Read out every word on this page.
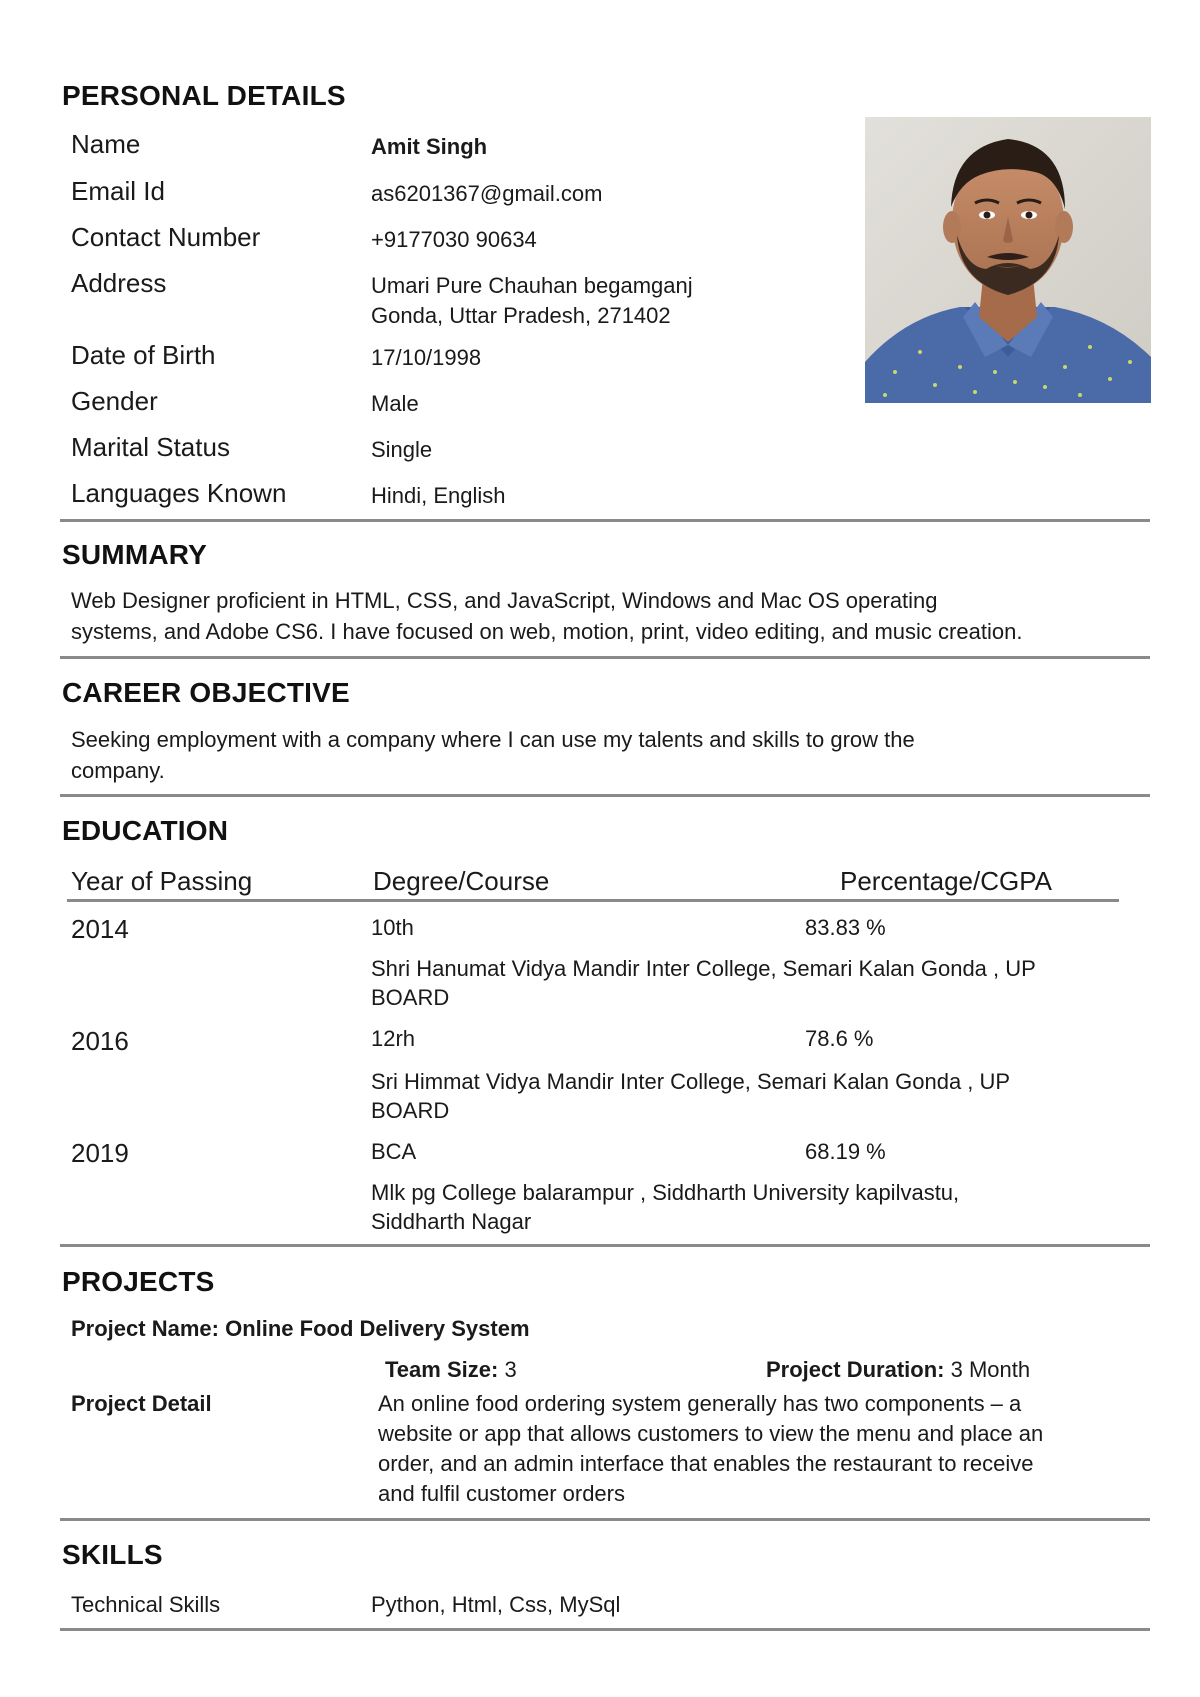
PERSONAL DETAILS
Name	Amit Singh
Email Id	as6201367@gmail.com
Contact Number	+9177030 90634
Address	Umari Pure Chauhan begamganj
Gonda, Uttar Pradesh, 271402
Date of Birth	17/10/1998
Gender	Male
Marital Status	Single
Languages Known	Hindi, English
SUMMARY
Web Designer proficient in HTML, CSS, and JavaScript, Windows and Mac OS operating
systems, and Adobe CS6. I have focused on web, motion, print, video editing, and music creation.
CAREER OBJECTIVE
Seeking employment with a company where I can use my talents and skills to grow the
company.
EDUCATION
Year of Passing	Degree/Course	Percentage/CGPA
2014	10th	83.83 %
Shri Hanumat Vidya Mandir Inter College, Semari Kalan Gonda , UP
BOARD
2016	12rh	78.6 %
Sri Himmat Vidya Mandir Inter College, Semari Kalan Gonda , UP
BOARD
2019	BCA	68.19 %
Mlk pg College balarampur , Siddharth University kapilvastu,
Siddharth Nagar
PROJECTS
Project Name: Online Food Delivery System
Team Size: 3	Project Duration: 3 Month
Project Detail	An online food ordering system generally has two components – a
website or app that allows customers to view the menu and place an
order, and an admin interface that enables the restaurant to receive
and fulfil customer orders
SKILLS
Technical Skills	Python, Html, Css, MySql
